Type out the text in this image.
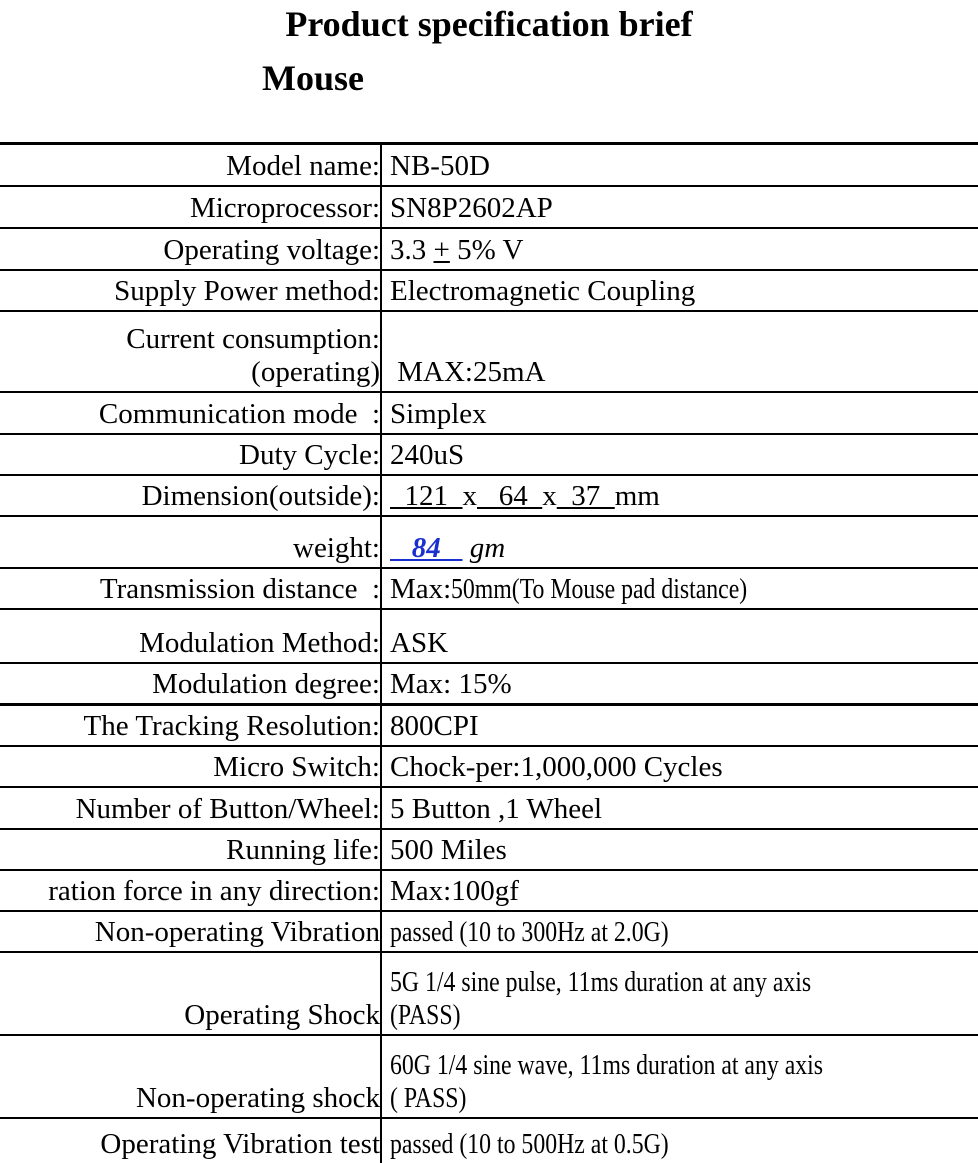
Product specification brief
Mouse
Model name: NB-50D
Microprocessor: SN8P2602AP
Operating voltage: 3.3 + 5% V
Supply Power method: Electromagnetic Coupling
Current consumption:
(operating) MAX:25mA
Communication mode  : Simplex
Duty Cycle: 240uS
Dimension(outside): 121  x   64  x  37  mm
weight: 84    gm
Transmission distance  : Max:50mm(To Mouse pad distance)
Modulation Method: ASK
Modulation degree: Max: 15%
The Tracking Resolution: 800CPI
Micro Switch: Chock-per:1,000,000 Cycles
Number of Button/Wheel: 5 Button ,1 Wheel
Running life: 500 Miles
ration force in any direction: Max:100gf
Non-operating Vibration passed (10 to 300Hz at 2.0G)
Operating Shock
5G 1/4 sine pulse, 11ms duration at any axis
(PASS)
Non-operating shock
60G 1/4 sine wave, 11ms duration at any axis
( PASS)
Operating Vibration test passed (10 to 500Hz at 0.5G)
